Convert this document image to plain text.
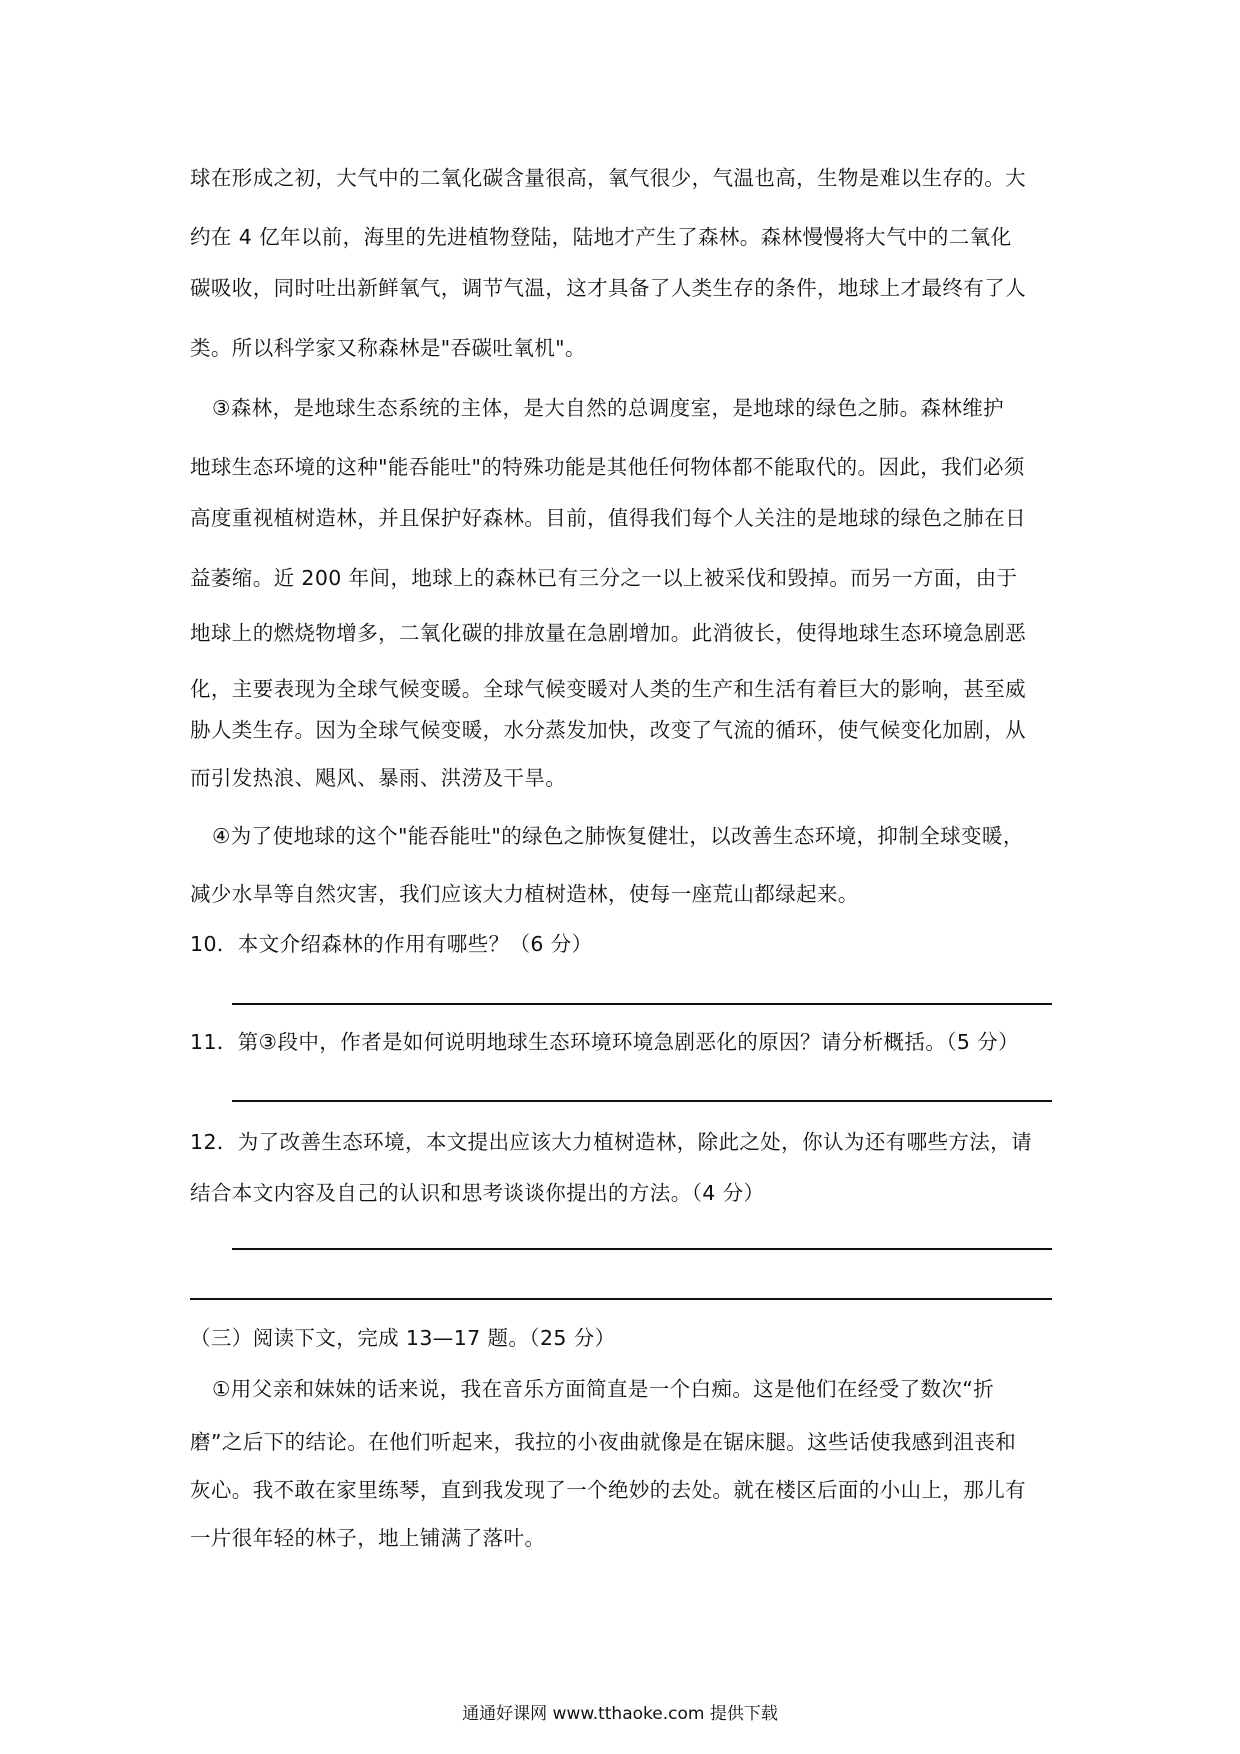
球在形成之初，大气中的二氧化碳含量很高，氧气很少，气温也高，生物是难以生存的。大
约在 4 亿年以前，海里的先进植物登陆，陆地才产生了森林。森林慢慢将大气中的二氧化
碳吸收，同时吐出新鲜氧气，调节气温，这才具备了人类生存的条件，地球上才最终有了人
类。所以科学家又称森林是"吞碳吐氧机"。
③森林，是地球生态系统的主体，是大自然的总调度室，是地球的绿色之肺。森林维护
地球生态环境的这种"能吞能吐"的特殊功能是其他任何物体都不能取代的。因此，我们必须
高度重视植树造林，并且保护好森林。目前，值得我们每个人关注的是地球的绿色之肺在日
益萎缩。近 200 年间，地球上的森林已有三分之一以上被采伐和毁掉。而另一方面，由于
地球上的燃烧物增多，二氧化碳的排放量在急剧增加。此消彼长，使得地球生态环境急剧恶
化，主要表现为全球气候变暖。全球气候变暖对人类的生产和生活有着巨大的影响，甚至威
胁人类生存。因为全球气候变暖，水分蒸发加快，改变了气流的循环，使气候变化加剧，从
而引发热浪、飓风、暴雨、洪涝及干旱。
④为了使地球的这个"能吞能吐"的绿色之肺恢复健壮，以改善生态环境，抑制全球变暖，
减少水旱等自然灾害，我们应该大力植树造林，使每一座荒山都绿起来。
10．本文介绍森林的作用有哪些？（6 分）
11．第③段中，作者是如何说明地球生态环境环境急剧恶化的原因？请分析概括。（5 分）
12．为了改善生态环境，本文提出应该大力植树造林，除此之处，你认为还有哪些方法，请
结合本文内容及自己的认识和思考谈谈你提出的方法。（4 分）
（三）阅读下文，完成 13—17 题。（25 分）
①用父亲和妹妹的话来说，我在音乐方面简直是一个白痴。这是他们在经受了数次“折
磨”之后下的结论。在他们听起来，我拉的小夜曲就像是在锯床腿。这些话使我感到沮丧和
灰心。我不敢在家里练琴，直到我发现了一个绝妙的去处。就在楼区后面的小山上，那儿有
一片很年轻的林子，地上铺满了落叶。
通通好课网 www.tthaoke.com 提供下载
